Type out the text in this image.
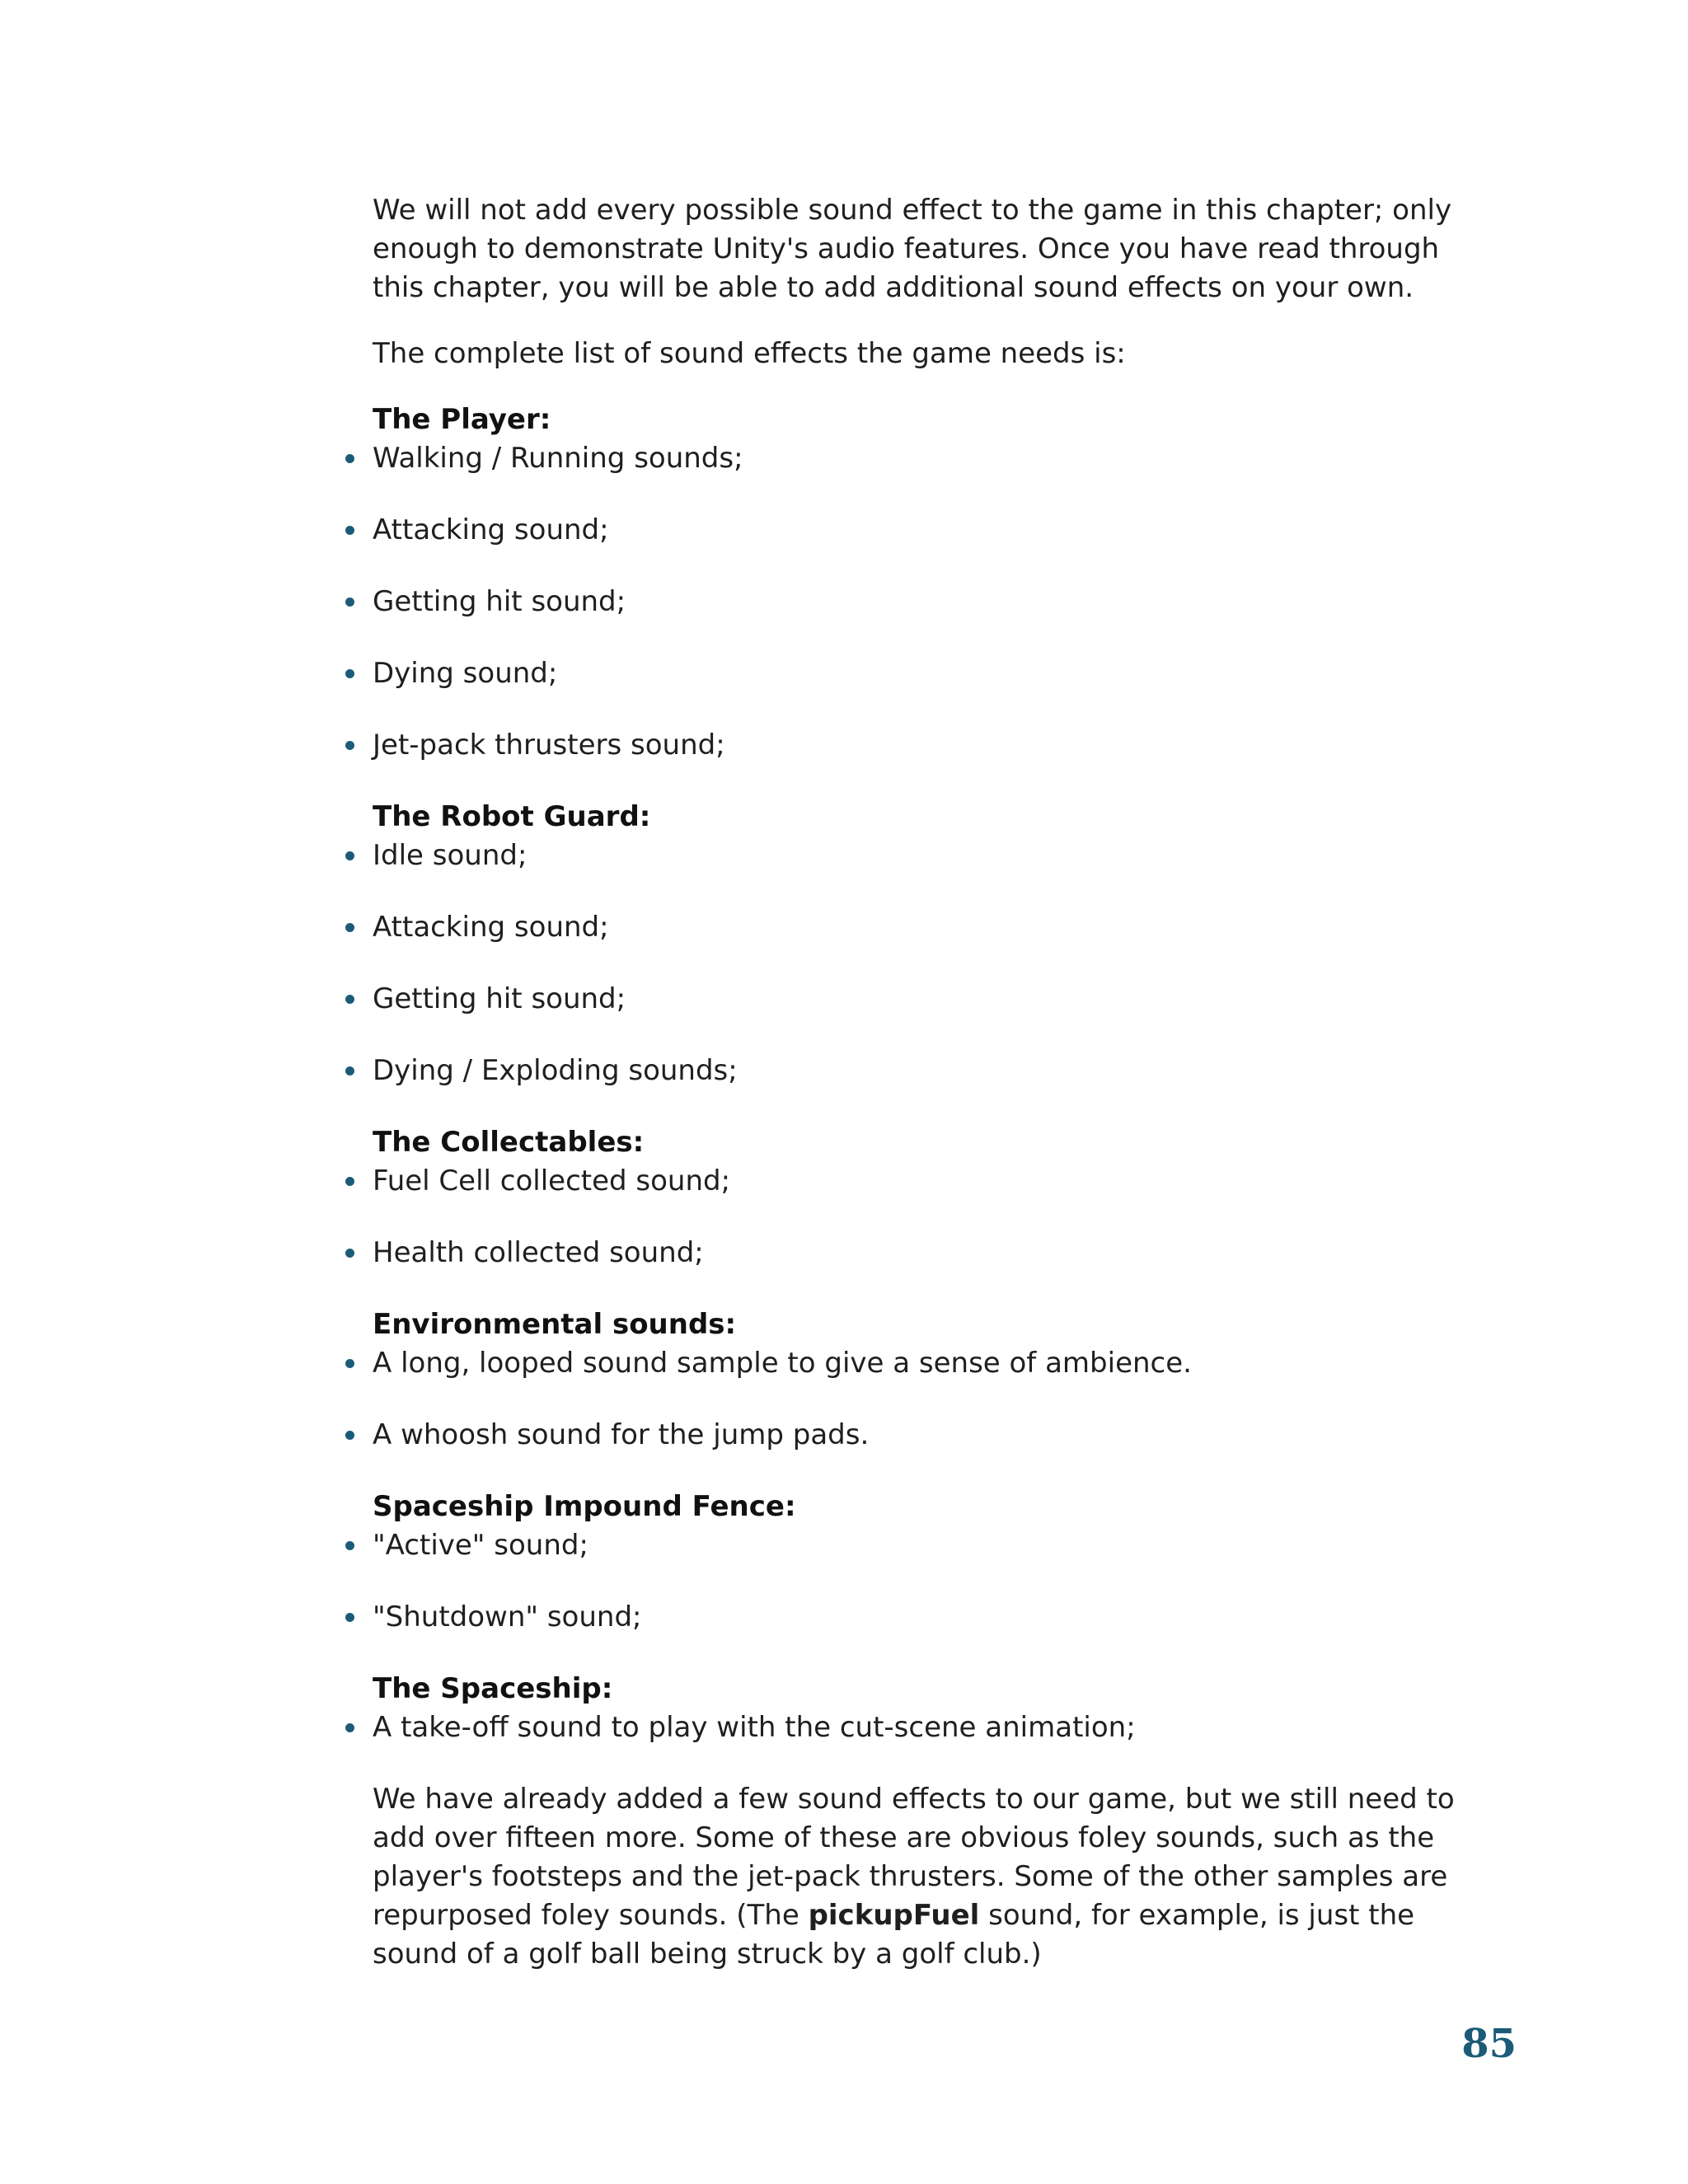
We will not add every possible sound effect to the game in this chapter; only enough to demonstrate Unity's audio features. Once you have read through this chapter, you will be able to add additional sound effects on your own.

The complete list of sound effects the game needs is:

The Player:

Walking / Running sounds;
Attacking sound;
Getting hit sound;
Dying sound;
Jet-pack thrusters sound;

The Robot Guard:

Idle sound;
Attacking sound;
Getting hit sound;
Dying / Exploding sounds;

The Collectables:

Fuel Cell collected sound;
Health collected sound;

Environmental sounds:

A long, looped sound sample to give a sense of ambience.
A whoosh sound for the jump pads.

Spaceship Impound Fence:

"Active" sound;
"Shutdown" sound;

The Spaceship:

A take-off sound to play with the cut-scene animation;

We have already added a few sound effects to our game, but we still need to add over fifteen more. Some of these are obvious foley sounds, such as the player's footsteps and the jet-pack thrusters. Some of the other samples are repurposed foley sounds. (The pickupFuel sound, for example, is just the sound of a golf ball being struck by a golf club.)

85
